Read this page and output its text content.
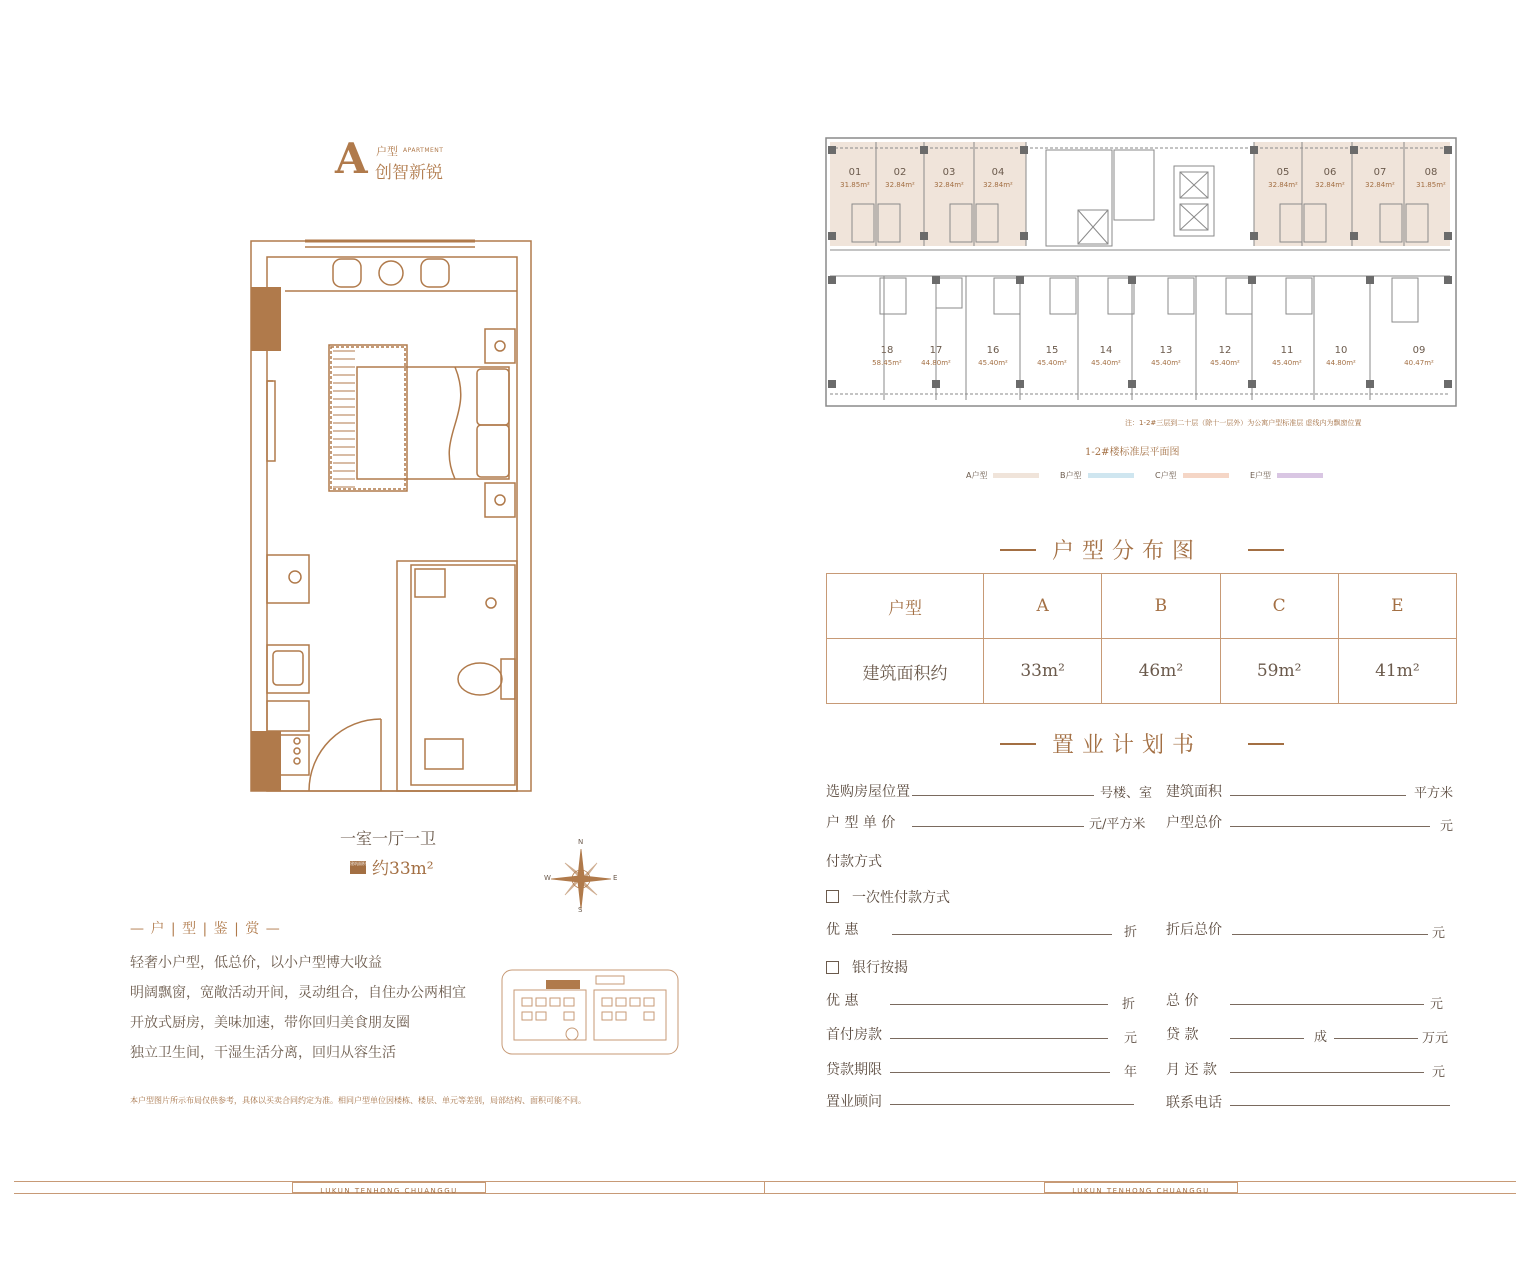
A 户型 APARTMENT
创智新锐
一室一厅一卫
建筑面积 约33m²
N
S
W	E
— 户 | 型 | 鉴 | 赏 —
轻奢小户型，低总价，以小户型博大收益
明阔飘窗，宽敞活动开间，灵动组合，自住办公两相宜
开放式厨房，美味加速，带你回归美食朋友圈
独立卫生间，干湿生活分离，回归从容生活
本户型图片所示布局仅供参考，具体以买卖合同约定为准。相同户型单位因楼栋、楼层、单元等差别，局部结构、面积可能不同。
01
31.85m²
02
32.84m²
03
32.84m²
04
32.84m²
05
32.84m²
06
32.84m²
07
32.84m²
08
31.85m²
18
58.45m²
17
44.80m²
16
45.40m²
15
45.40m²
14
45.40m²
13
45.40m²
12
45.40m²
11
45.40m²
10
44.80m²
09
40.47m²
注：1-2#三层到二十层（除十一层外）为公寓户型标准层 虚线内为飘窗位置
1-2#楼标准层平面图
A户型	B户型	C户型	E户型
户型分布图
户型	A	B	C	E
建筑面积约	33m²	46m²	59m²	41m²
置业计划书
选购房屋位置	号楼、室 建筑面积	平方米
户 型 单 价	元/平方米 户型总价	元
付款方式
一次性付款方式
优 惠	折 折后总价	元
银行按揭
优 惠	折 总 价	元
首付房款	元 贷 款	成	万元
贷款期限	年 月 还 款	元
置业顾问	联系电话
LUKUN TENHONG CHUANGGU	LUKUN TENHONG CHUANGGU
